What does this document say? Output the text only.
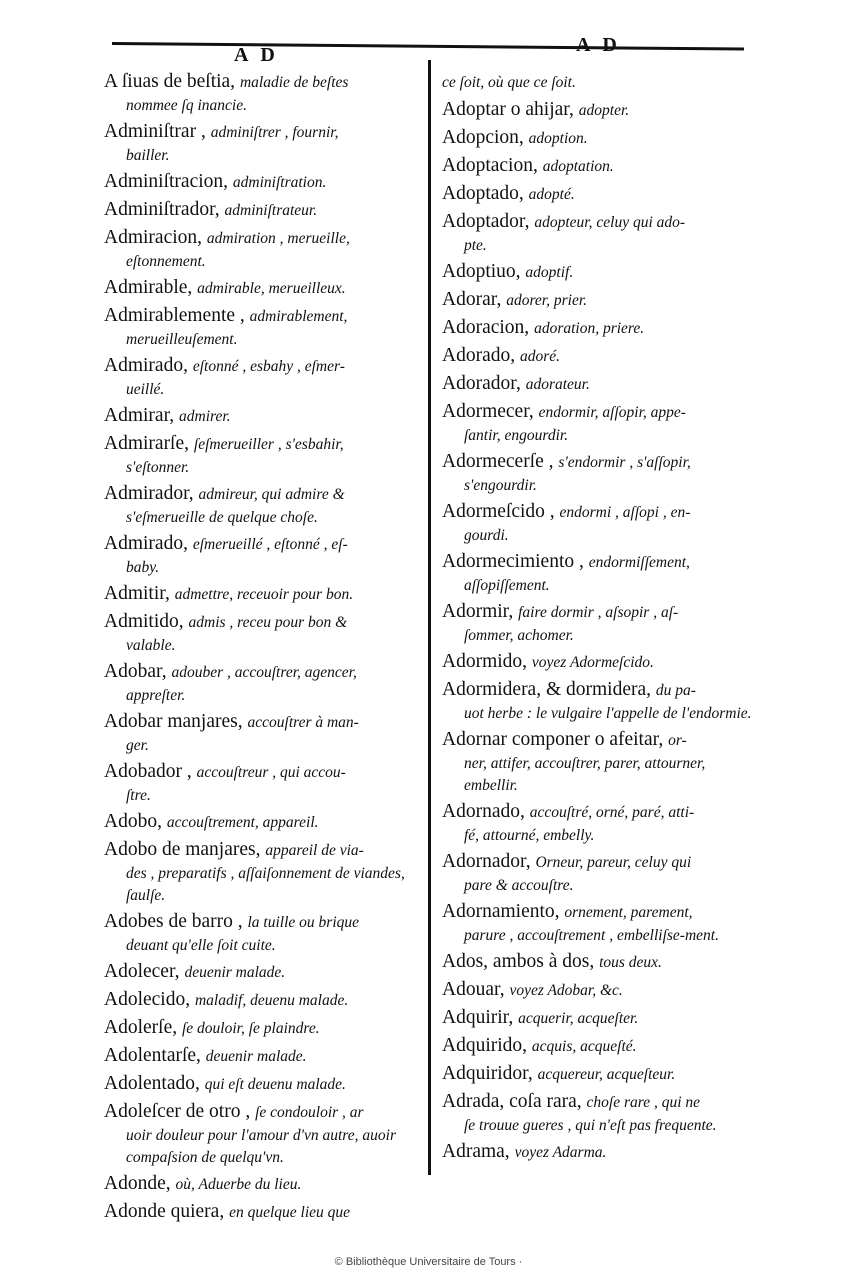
A D	A D
A ſiuas de beſtia, maladie de beſtes
nommee ſq inancie.
Adminiſtrar , adminiſtrer , fournir,
bailler.
Adminiſtracion, adminiſtration.
Adminiſtrador, adminiſtrateur.
Admiracion, admiration , merueille,
eſtonnement.
Admirable, admirable, merueilleux.
Admirablemente , admirablement,
merueilleuſement.
Admirado, eſtonné , esbahy , eſmer-
ueillé.
Admirar, admirer.
Admirarſe, ſeſmerueiller , s'esbahir,
s'eſtonner.
Admirador, admireur, qui admire &
s'eſmerueille de quelque choſe.
Admirado, eſmerueillé , eſtonné , eſ-
baby.
Admitir, admettre, receuoir pour bon.
Admitido, admis , receu pour bon &
valable.
Adobar, adouber , accouſtrer, agencer,
appreſter.
Adobar manjares, accouſtrer à man-
ger.
Adobador , accouſtreur , qui accou-
ſtre.
Adobo, accouſtrement, appareil.
Adobo de manjares, appareil de via-
des , preparatifs , aſſaiſonnement de viandes, ſaulſe.
Adobes de barro , la tuille ou brique
deuant qu'elle ſoit cuite.
Adolecer, deuenir malade.
Adolecido, maladif, deuenu malade.
Adolerſe, ſe douloir, ſe plaindre.
Adolentarſe, deuenir malade.
Adolentado, qui eſt deuenu malade.
Adoleſcer de otro , ſe condouloir , ar
uoir douleur pour l'amour d'vn autre, auoir compaſsion de quelqu'vn.
Adonde, où, Aduerbe du lieu.
Adonde quiera, en quelque lieu que
ce ſoit, où que ce ſoit.
Adoptar o ahijar, adopter.
Adopcion, adoption.
Adoptacion, adoptation.
Adoptado, adopté.
Adoptador, adopteur, celuy qui ado-
pte.
Adoptiuo, adoptif.
Adorar, adorer, prier.
Adoracion, adoration, priere.
Adorado, adoré.
Adorador, adorateur.
Adormecer, endormir, aſſopir, appe-
ſantir, engourdir.
Adormecerſe , s'endormir , s'aſſopir,
s'engourdir.
Adormeſcido , endormi , aſſopi , en-
gourdi.
Adormecimiento , endormiſſement,
aſſopiſſement.
Adormir, faire dormir , aſsopir , aſ-
ſommer, achomer.
Adormido, voyez Adormeſcido.
Adormidera, & dormidera, du pa-
uot herbe : le vulgaire l'appelle de l'endormie.
Adornar componer o afeitar, or-
ner, attifer, accouſtrer, parer, attourner, embellir.
Adornado, accouſtré, orné, paré, atti-
fé, attourné, embelly.
Adornador, Orneur, pareur, celuy qui
pare & accouſtre.
Adornamiento, ornement, parement,
parure , accouſtrement , embelliſse-ment.
Ados, ambos à dos, tous deux.
Adouar, voyez Adobar, &c.
Adquirir, acquerir, acqueſter.
Adquirido, acquis, acqueſté.
Adquiridor, acquereur, acqueſteur.
Adrada, coſa rara, choſe rare , qui ne
ſe trouue gueres , qui n'eſt pas frequente.
Adrama, voyez Adarma.
© Bibliothèque Universitaire de Tours ·
